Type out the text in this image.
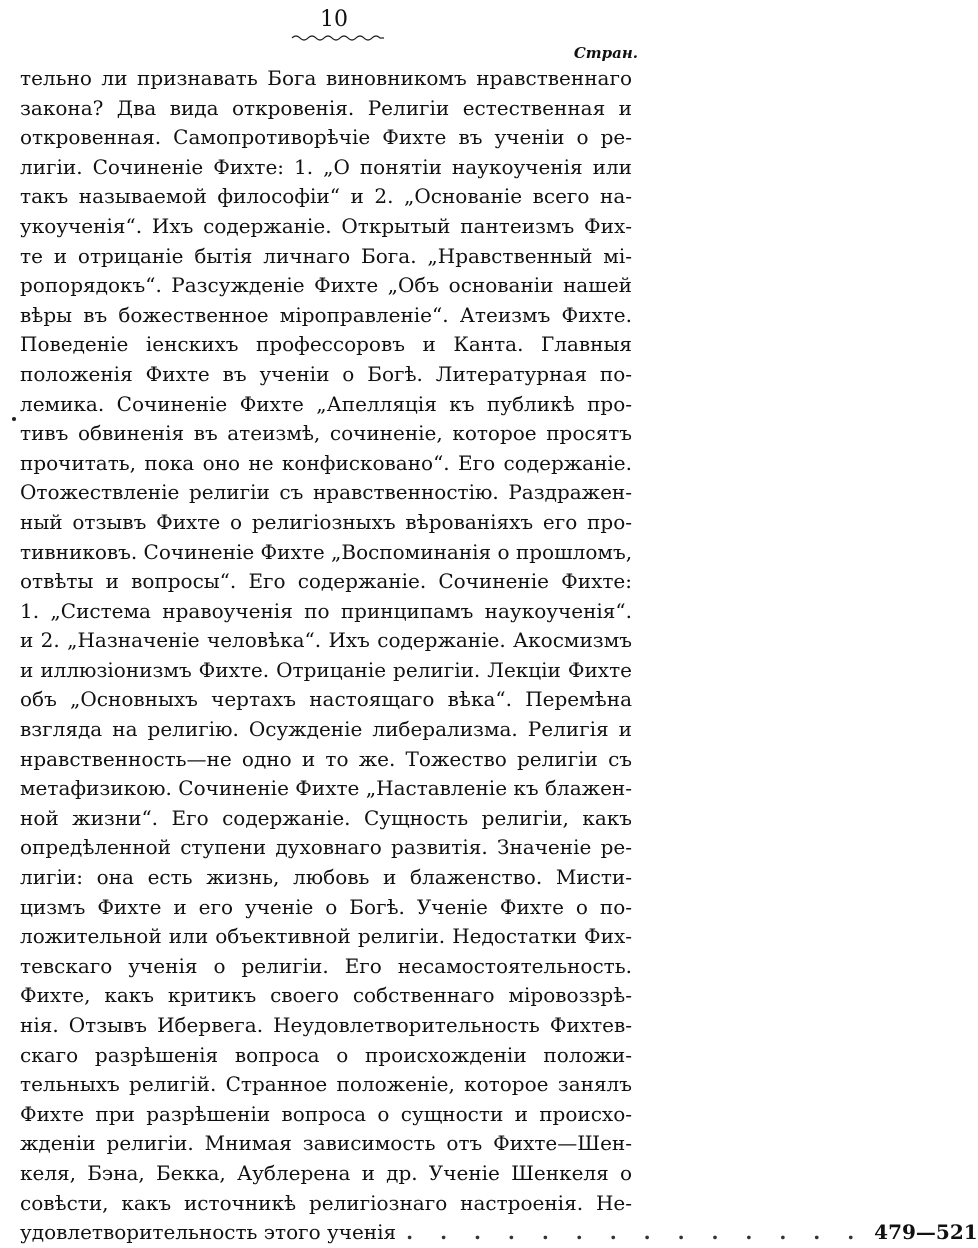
10
Стран.
тельно ли признавать Бога виновникомъ нравственнаго
закона? Два вида откровенія. Религіи естественная и
откровенная. Самопротиворѣчіе Фихте въ ученіи о ре-
лигіи. Сочиненіе Фихте: 1. „О понятіи наукоученія или
такъ называемой философіи“ и 2. „Основаніе всего на-
укоученія“. Ихъ содержаніе. Открытый пантеизмъ Фих-
те и отрицаніе бытія личнаго Бога. „Нравственный мі-
ропорядокъ“. Разсужденіе Фихте „Объ основаніи нашей
вѣры въ божественное міроправленіе“. Атеизмъ Фихте.
Поведеніе іенскихъ профессоровъ и Канта. Главныя
положенія Фихте въ ученіи о Богѣ. Литературная по-
лемика. Сочиненіе Фихте „Апелляція къ публикѣ про-
тивъ обвиненія въ атеизмѣ, сочиненіе, которое просятъ
прочитать, пока оно не конфисковано“. Его содержаніе.
Отожествленіе религіи съ нравственностію. Раздражен-
ный отзывъ Фихте о религіозныхъ вѣрованіяхъ его про-
тивниковъ. Сочиненіе Фихте „Воспоминанія о прошломъ,
отвѣты и вопросы“. Его содержаніе. Сочиненіе Фихте:
1. „Система нравоученія по принципамъ наукоученія“.
и 2. „Назначеніе человѣка“. Ихъ содержаніе. Акосмизмъ
и иллюзіонизмъ Фихте. Отрицаніе религіи. Лекціи Фихте
объ „Основныхъ чертахъ настоящаго вѣка“. Перемѣна
взгляда на религію. Осужденіе либерализма. Религія и
нравственность—не одно и то же. Тожество религіи съ
метафизикою. Сочиненіе Фихте „Наставленіе къ блажен-
ной жизни“. Его содержаніе. Сущность религіи, какъ
опредѣленной ступени духовнаго развитія. Значеніе ре-
лигіи: она есть жизнь, любовь и блаженство. Мисти-
цизмъ Фихте и его ученіе о Богѣ. Ученіе Фихте о по-
ложительной или объективной религіи. Недостатки Фих-
тевскаго ученія о религіи. Его несамостоятельность.
Фихте, какъ критикъ своего собственнаго міровоззрѣ-
нія. Отзывъ Ибервега. Неудовлетворительность Фихтев-
скаго разрѣшенія вопроса о происхожденіи положи-
тельныхъ религій. Странное положеніе, которое занялъ
Фихте при разрѣшеніи вопроса о сущности и происхо-
жденіи религіи. Мнимая зависимость отъ Фихте—Шен-
келя, Бэна, Бекка, Аублерена и др. Ученіе Шенкеля о
совѣсти, какъ источникѣ религіознаго настроенія. Не-
удовлетворительность этого ученія . . . . . . . . . . . . . . 479—521
